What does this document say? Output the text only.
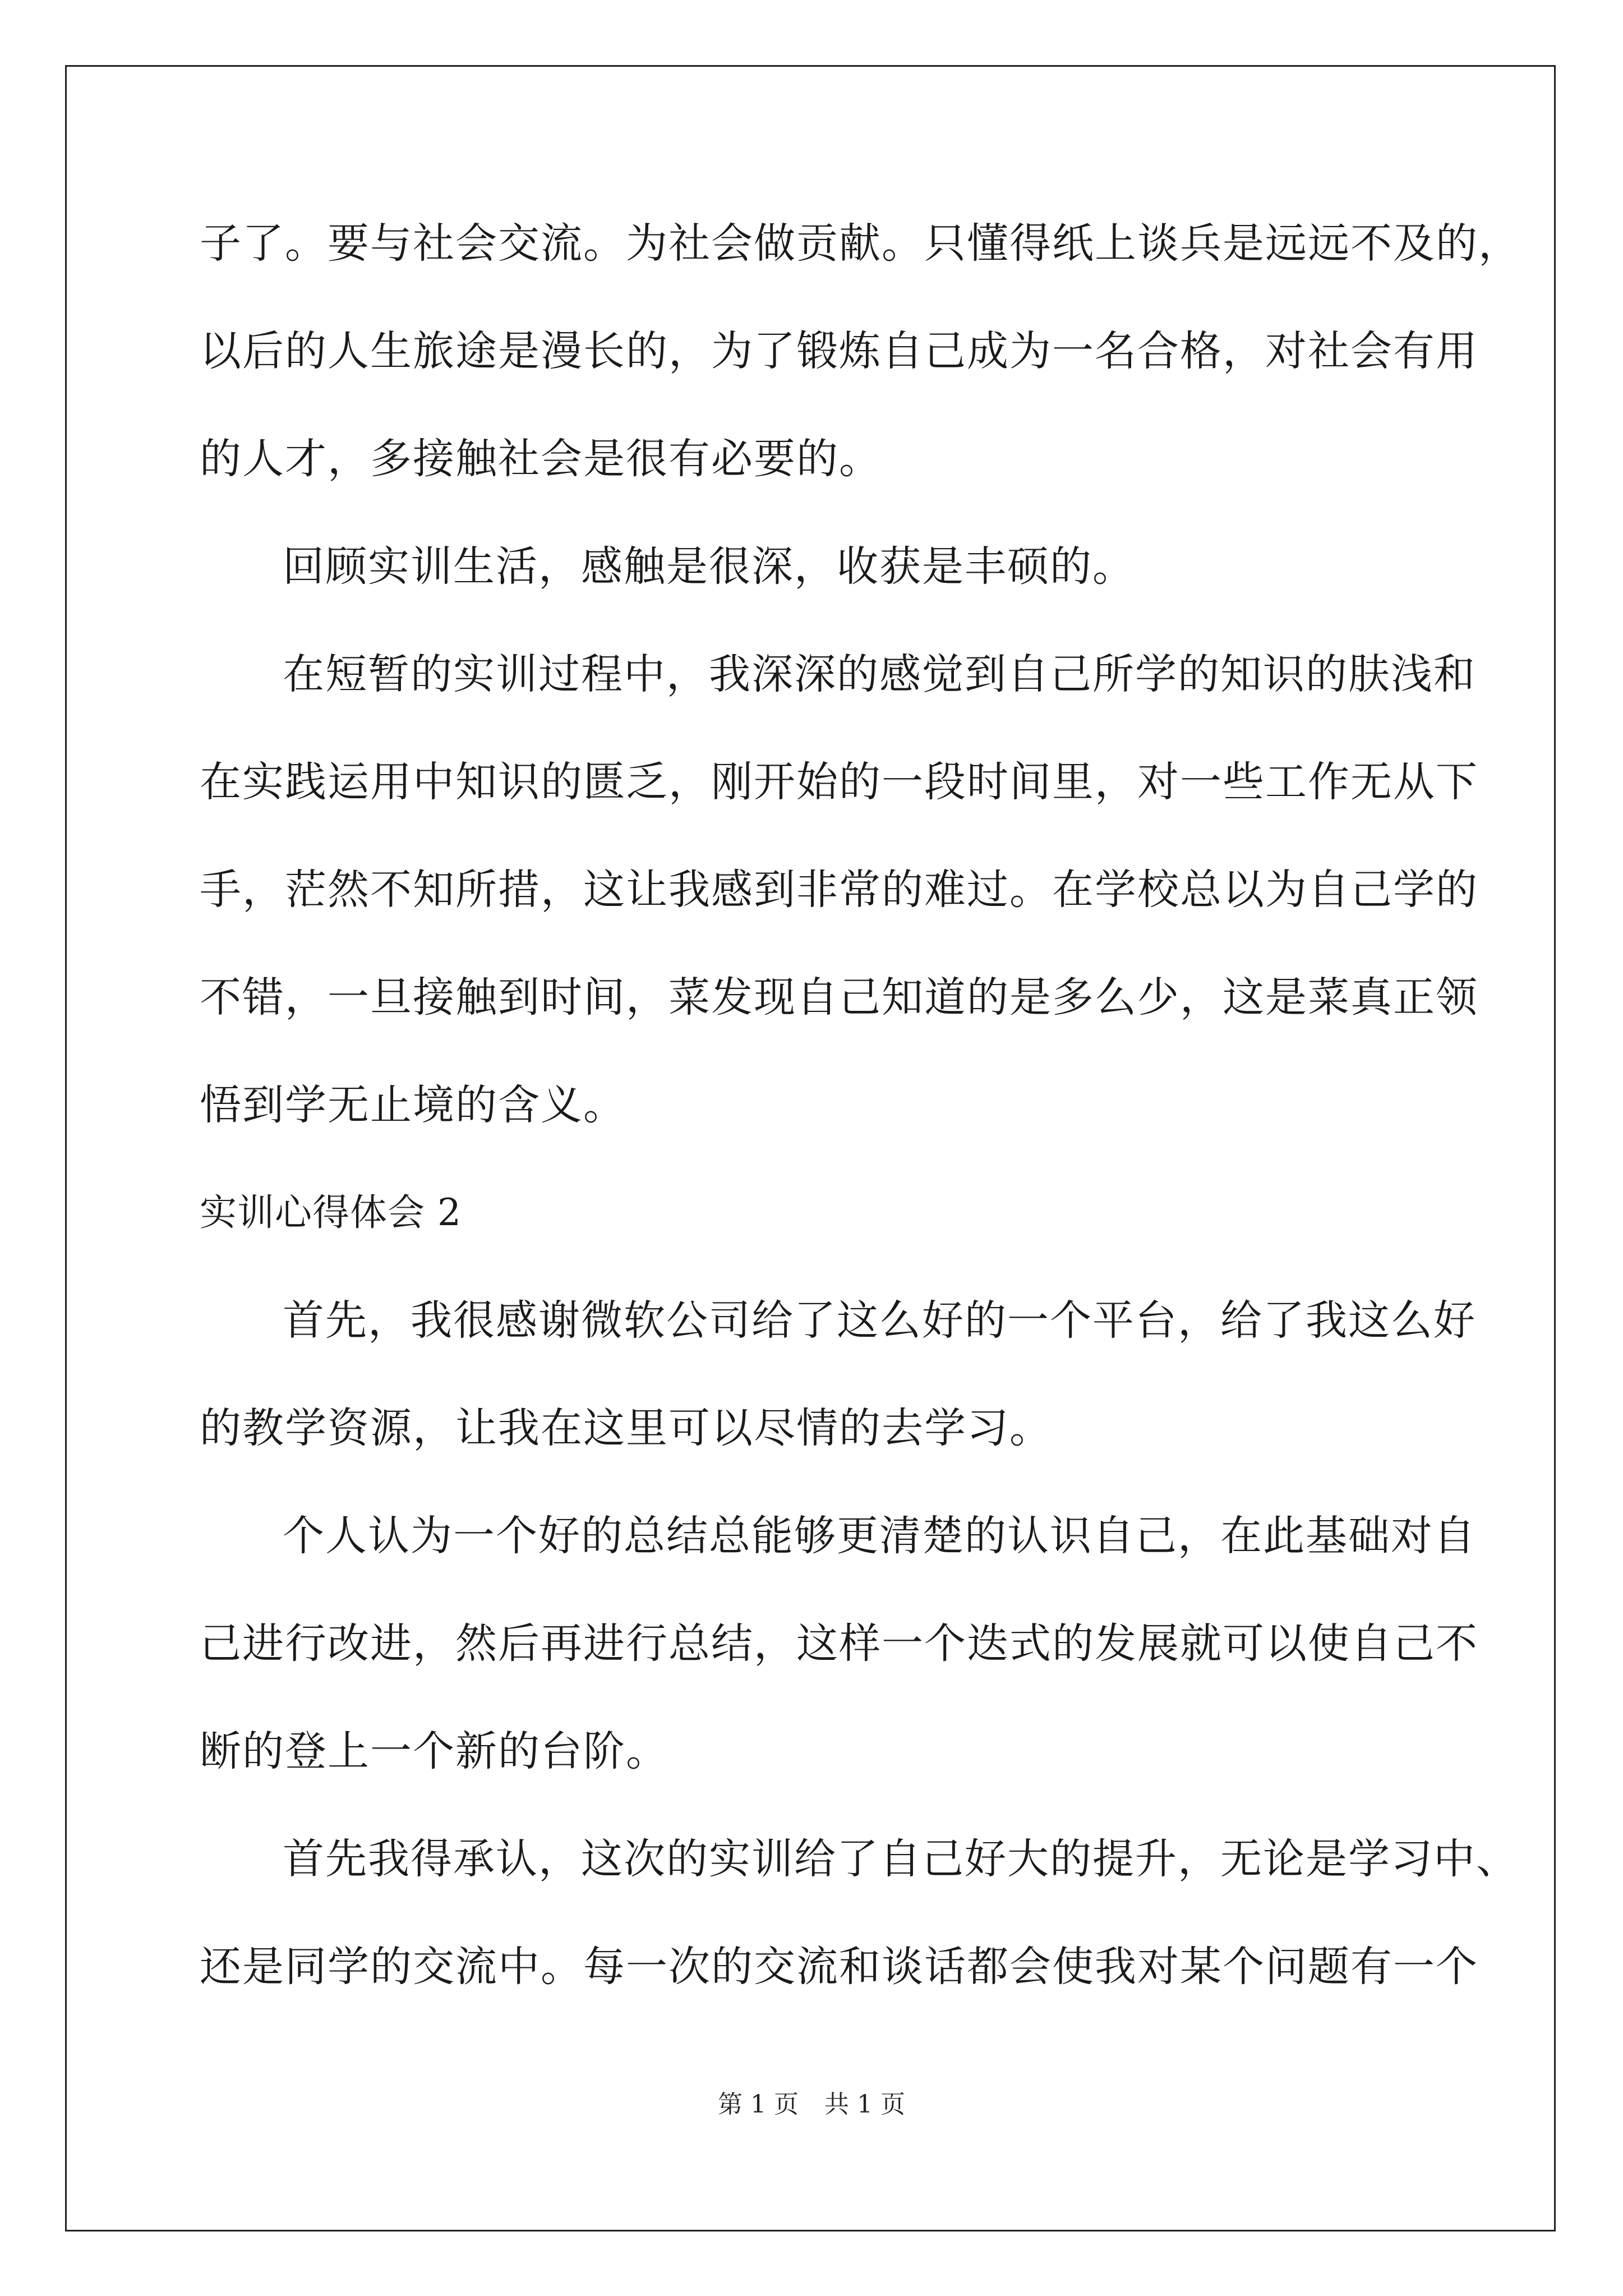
子了。要与社会交流。为社会做贡献。只懂得纸上谈兵是远远不及的，
以后的人生旅途是漫长的，为了锻炼自己成为一名合格，对社会有用
的人才，多接触社会是很有必要的。
回顾实训生活，感触是很深，收获是丰硕的。
在短暂的实训过程中，我深深的感觉到自己所学的知识的肤浅和
在实践运用中知识的匮乏，刚开始的一段时间里，对一些工作无从下
手，茫然不知所措，这让我感到非常的难过。在学校总以为自己学的
不错，一旦接触到时间，菜发现自己知道的是多么少，这是菜真正领
悟到学无止境的含义。
实训心得体会 2
首先，我很感谢微软公司给了这么好的一个平台，给了我这么好
的教学资源，让我在这里可以尽情的去学习。
个人认为一个好的总结总能够更清楚的认识自己，在此基础对自
己进行改进，然后再进行总结，这样一个迭式的发展就可以使自己不
断的登上一个新的台阶。
首先我得承认，这次的实训给了自己好大的提升，无论是学习中、
还是同学的交流中。每一次的交流和谈话都会使我对某个问题有一个
第 1 页 共 1 页
